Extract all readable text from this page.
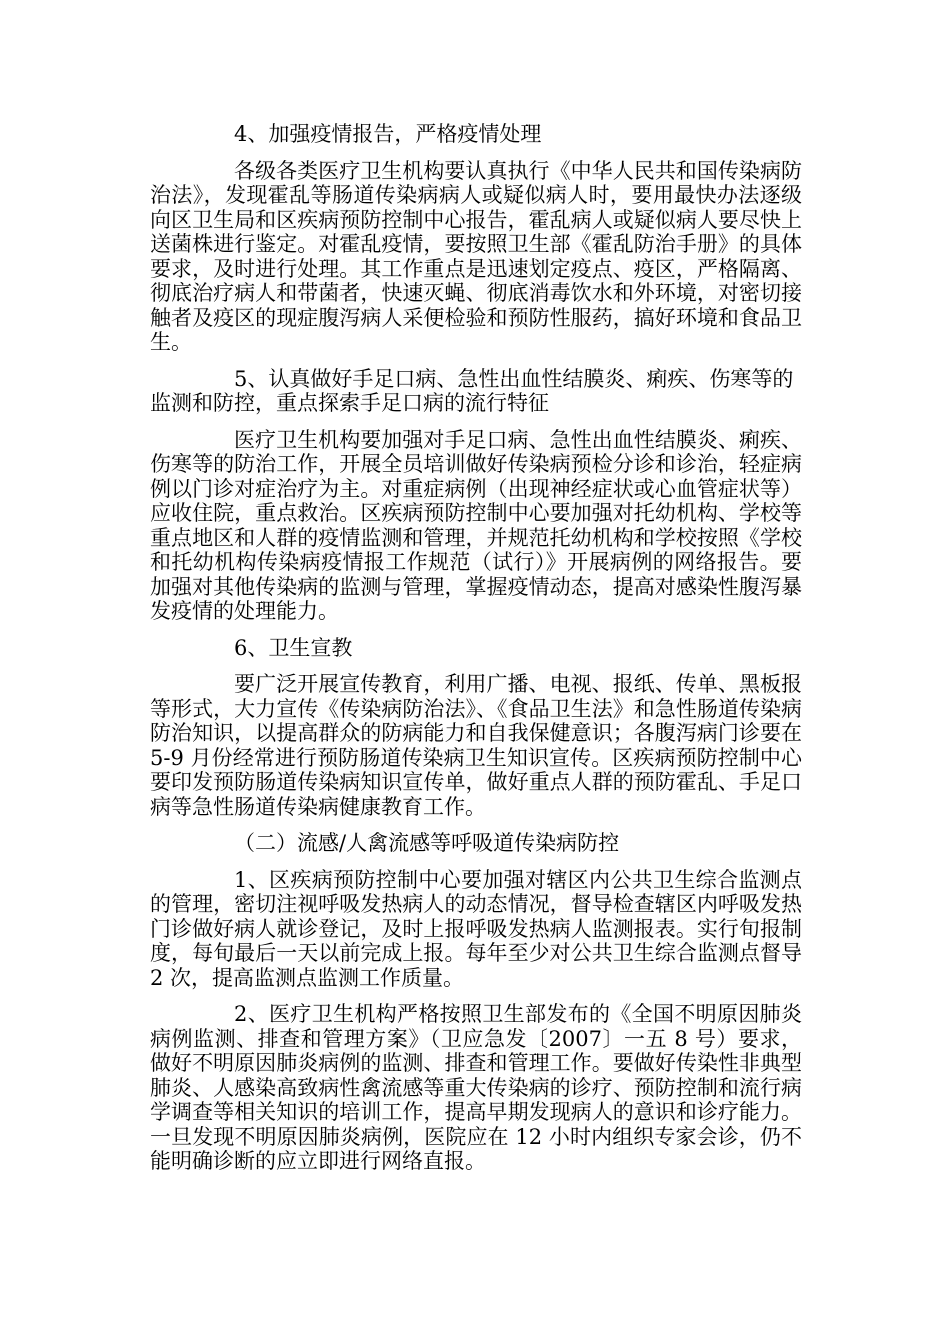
4、加强疫情报告，严格疫情处理

各级各类医疗卫生机构要认真执行《中华人民共和国传染病防治法》，发现霍乱等肠道传染病病人或疑似病人时，要用最快办法逐级向区卫生局和区疾病预防控制中心报告，霍乱病人或疑似病人要尽快上送菌株进行鉴定。对霍乱疫情，要按照卫生部《霍乱防治手册》的具体要求，及时进行处理。其工作重点是迅速划定疫点、疫区，严格隔离、彻底治疗病人和带菌者，快速灭蝇、彻底消毒饮水和外环境，对密切接触者及疫区的现症腹泻病人采便检验和预防性服药，搞好环境和食品卫生。

5、认真做好手足口病、急性出血性结膜炎、痢疾、伤寒等的监测和防控，重点探索手足口病的流行特征

医疗卫生机构要加强对手足口病、急性出血性结膜炎、痢疾、伤寒等的防治工作，开展全员培训做好传染病预检分诊和诊治，轻症病例以门诊对症治疗为主。对重症病例（出现神经症状或心血管症状等）应收住院，重点救治。区疾病预防控制中心要加强对托幼机构、学校等重点地区和人群的疫情监测和管理，并规范托幼机构和学校按照《学校和托幼机构传染病疫情报工作规范（试行）》开展病例的网络报告。要加强对其他传染病的监测与管理，掌握疫情动态，提高对感染性腹泻暴发疫情的处理能力。

6、卫生宣教

要广泛开展宣传教育，利用广播、电视、报纸、传单、黑板报等形式，大力宣传《传染病防治法》、《食品卫生法》和急性肠道传染病防治知识，以提高群众的防病能力和自我保健意识；各腹泻病门诊要在 5-9 月份经常进行预防肠道传染病卫生知识宣传。区疾病预防控制中心要印发预防肠道传染病知识宣传单，做好重点人群的预防霍乱、手足口病等急性肠道传染病健康教育工作。

（二）流感/人禽流感等呼吸道传染病防控

1、区疾病预防控制中心要加强对辖区内公共卫生综合监测点的管理，密切注视呼吸发热病人的动态情况，督导检查辖区内呼吸发热门诊做好病人就诊登记，及时上报呼吸发热病人监测报表。实行旬报制度，每旬最后一天以前完成上报。每年至少对公共卫生综合监测点督导 2 次，提高监测点监测工作质量。

2、医疗卫生机构严格按照卫生部发布的《全国不明原因肺炎病例监测、排查和管理方案》（卫应急发〔2007〕一五 8 号）要求，做好不明原因肺炎病例的监测、排查和管理工作。要做好传染性非典型肺炎、人感染高致病性禽流感等重大传染病的诊疗、预防控制和流行病学调查等相关知识的培训工作，提高早期发现病人的意识和诊疗能力。一旦发现不明原因肺炎病例，医院应在 12 小时内组织专家会诊，仍不能明确诊断的应立即进行网络直报。
